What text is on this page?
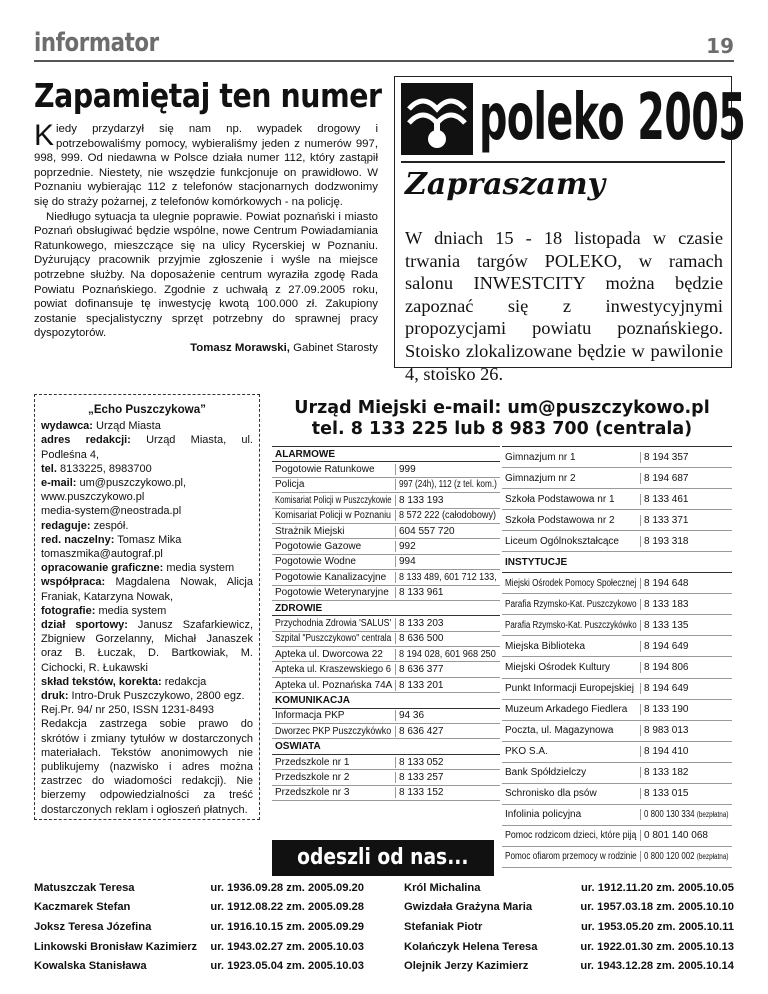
informator	19
Zapamiętaj ten numer

Kiedy przydarzył się nam np. wypadek drogowy i potrzebowaliśmy pomocy, wybieraliśmy jeden z numerów 997, 998, 999. Od niedawna w Polsce działa numer 112, który zastąpił poprzednie. Niestety, nie wszędzie funkcjonuje on prawidłowo. W Poznaniu wybierając 112 z telefonów stacjonarnych dodzwonimy się do straży pożarnej, z telefonów komórkowych - na policję.

Niedługo sytuacja ta ulegnie poprawie. Powiat poznański i miasto Poznań obsługiwać będzie wspólne, nowe Centrum Powiadamiania Ratunkowego, mieszczące się na ulicy Rycerskiej w Poznaniu. Dyżurujący pracownik przyjmie zgłoszenie i wyśle na miejsce potrzebne służby. Na doposażenie centrum wyraziła zgodę Rada Powiatu Poznańskiego. Zgodnie z uchwałą z 27.09.2005 roku, powiat dofinansuje tę inwestycję kwotą 100.000 zł. Zakupiony zostanie specjalistyczny sprzęt potrzebny do sprawnej pracy dyspozytorów.

Tomasz Morawski, Gabinet Starosty
poleko 2005
Zapraszamy
W dniach 15 - 18 listopada w czasie trwania targów POLEKO, w ramach salonu INWESTCITY można będzie zapoznać się z inwestycyjnymi propozycjami powiatu poznańskiego. Stoisko zlokalizowane będzie w pawilonie 4, stoisko 26.
„Echo Puszczykowa”
wydawca: Urząd Miasta
adres redakcji: Urząd Miasta, ul. Podleśna 4,
tel. 8133225, 8983700
e-mail: um@puszczykowo.pl,
www.puszczykowo.pl
media-system@neostrada.pl
redaguje: zespół.
red. naczelny: Tomasz Mika
tomaszmika@autograf.pl
opracowanie graficzne: media system
współpraca: Magdalena Nowak, Alicja Franiak, Katarzyna Nowak,
fotografie: media system
dział sportowy: Janusz Szafarkiewicz, Zbigniew Gorzelanny, Michał Janaszek oraz B. Łuczak, D. Bartkowiak, M. Cichocki, R. Łukawski
skład tekstów, korekta: redakcja
druk: Intro-Druk Puszczykowo, 2800 egz.
Rej.Pr. 94/ nr 250, ISSN 1231-8493
Redakcja zastrzega sobie prawo do skrótów i zmiany tytułów w dostarczonych materiałach. Tekstów anonimowych nie publikujemy (nazwisko i adres można zastrzec do wiadomości redakcji). Nie bierzemy odpowiedzialności za treść dostarczonych reklam i ogłoszeń płatnych.
Urząd Miejski e-mail: um@puszczykowo.pl
tel. 8 133 225 lub 8 983 700 (centrala)
ALARMOWE
Pogotowie Ratunkowe	999
Policja	997 (24h), 112 (z tel. kom.)
Komisariat Policji w Puszczykowie 8 133 193
Komisariat Policji w Poznaniu 8 572 222 (całodobowy)
Strażnik Miejski	604 557 720
Pogotowie Gazowe	992
Pogotowie Wodne	994
Pogotowie Kanalizacyjne	8 133 489, 601 712 133,
Pogotowie Weterynaryjne	8 133 961
ZDROWIE
Przychodnia Zdrowia 'SALUS' 8 133 203
Szpital "Puszczykowo" centrala 8 636 500
Apteka ul. Dworcowa 22	8 194 028, 601 968 250
Apteka ul. Kraszewskiego 6 8 636 377
Apteka ul. Poznańska 74A 8 133 201
KOMUNIKACJA
Informacja PKP	94 36
Dworzec PKP Puszczykówko 8 636 427
OŚWIATA
Przedszkole nr 1	8 133 052
Przedszkole nr 2	8 133 257
Przedszkole nr 3	8 133 152
Gimnazjum nr 1	8 194 357
Gimnazjum nr 2	8 194 687
Szkoła Podstawowa nr 1	8 133 461
Szkoła Podstawowa nr 2	8 133 371
Liceum Ogólnokształcące	8 193 318
INSTYTUCJE
Miejski Ośrodek Pomocy Społecznej 8 194 648
Parafia Rzymsko-Kat. Puszczykowo 8 133 183
Parafia Rzymsko-Kat. Puszczykówko 8 133 135
Miejska Biblioteka	8 194 649
Miejski Ośrodek Kultury	8 194 806
Punkt Informacji Europejskiej	8 194 649
Muzeum Arkadego Fiedlera	8 133 190
Poczta, ul. Magazynowa	8 983 013
PKO S.A.	8 194 410
Bank Spółdzielczy	8 133 182
Schronisko dla psów	8 133 015
Infolinia policyjna	0 800 130 334 (bezpłatna)
Pomoc rodzicom dzieci, które piją 0 801 140 068
Pomoc ofiarom przemocy w rodzinie 0 800 120 002 (bezpłatna)
odeszli od nas...
Matuszczak Teresa	ur. 1936.09.28 zm. 2005.09.20
Kaczmarek Stefan	ur. 1912.08.22 zm. 2005.09.28
Joksz Teresa Józefina	ur. 1916.10.15 zm. 2005.09.29
Linkowski Bronisław Kazimierz	ur. 1943.02.27 zm. 2005.10.03
Kowalska Stanisława	ur. 1923.05.04 zm. 2005.10.03
Król Michalina	ur. 1912.11.20 zm. 2005.10.05
Gwizdała Grażyna Maria	ur. 1957.03.18 zm. 2005.10.10
Stefaniak Piotr	ur. 1953.05.20 zm. 2005.10.11
Kolańczyk Helena Teresa	ur. 1922.01.30 zm. 2005.10.13
Olejnik Jerzy Kazimierz	ur. 1943.12.28 zm. 2005.10.14
